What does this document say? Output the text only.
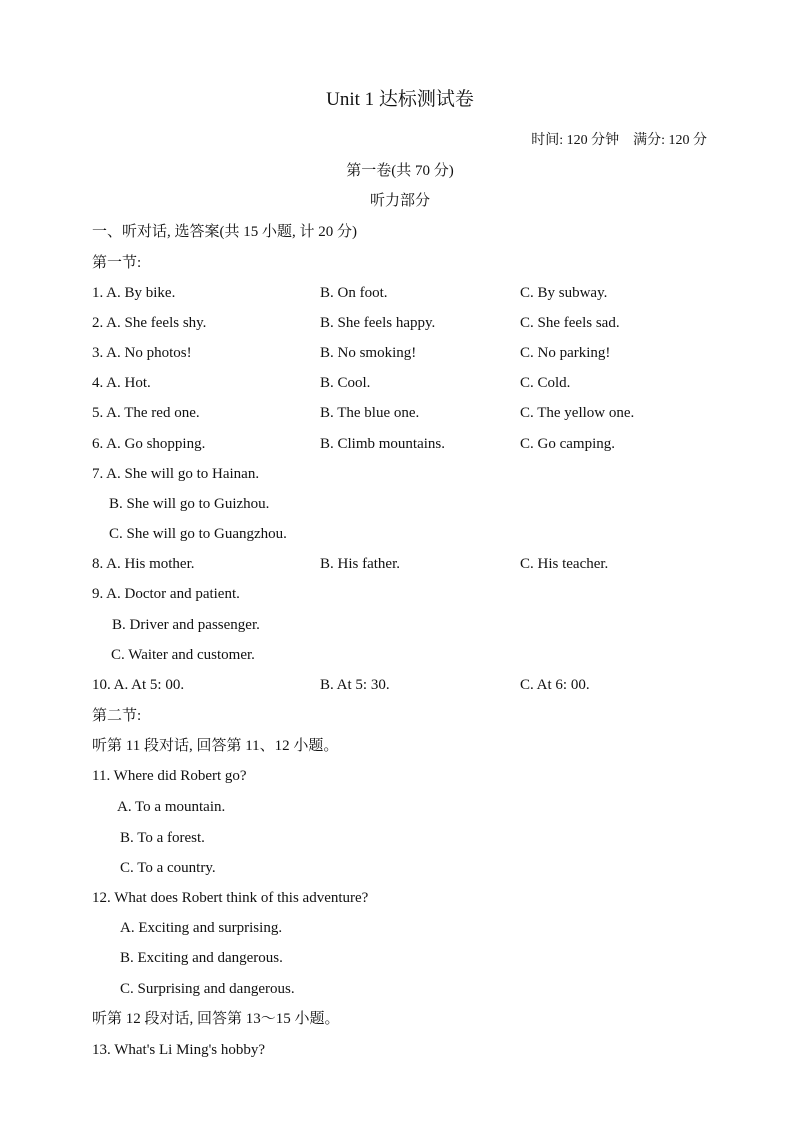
Unit 1 达标测试卷
时间: 120 分钟 满分: 120 分
第一卷(共 70 分)
听力部分
一、听对话, 选答案(共 15 小题, 计 20 分)
第一节:
1. A. By bike.	B. On foot.	C. By subway.
2. A. She feels shy.	B. She feels happy.	C. She feels sad.
3. A. No photos!	B. No smoking!	C. No parking!
4. A. Hot.	B. Cool.	C. Cold.
5. A. The red one.	B. The blue one.	C. The yellow one.
6. A. Go shopping.	B. Climb mountains.	C. Go camping.
7. A. She will go to Hainan.
B. She will go to Guizhou.
C. She will go to Guangzhou.
8. A. His mother.	B. His father.	C. His teacher.
9. A. Doctor and patient.
B. Driver and passenger.
C. Waiter and customer.
10. A. At 5: 00.	B. At 5: 30.	C. At 6: 00.
第二节:
听第 11 段对话, 回答第 11、12 小题。
11. Where did Robert go?
A. To a mountain.
B. To a forest.
C. To a country.
12. What does Robert think of this adventure?
A. Exciting and surprising.
B. Exciting and dangerous.
C. Surprising and dangerous.
听第 12 段对话, 回答第 13～15 小题。
13. What's Li Ming's hobby?
